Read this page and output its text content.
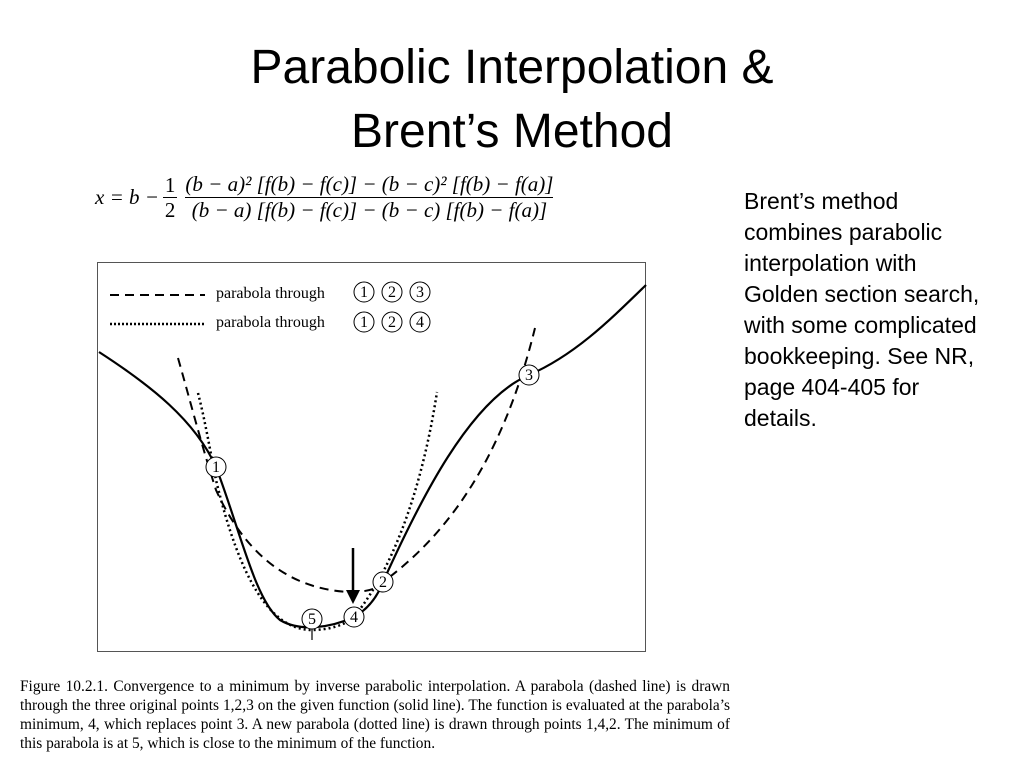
Parabolic Interpolation &
Brent’s Method
$x = b - \frac{1}{2} \frac{\text{(b − a)² [f(b) − f(c)] − (b − c)² [f(b) − f(a)]}}{(b - a) [f(b) - f(c)] - (b - c) [f(b) - f(a)]}$	Brent’s method combines parabolic interpolation with Golden section search, with some complicated bookkeeping. See NR, page 404-405 for details.
parabola through
parabola through
1
2
3
4
5
1 2 3
1 2 4
Figure 10.2.1. Convergence to a minimum by inverse parabolic interpolation. A parabola (dashed line) is drawn through the three original points 1,2,3 on the given function (solid line). The function is evaluated at the parabola’s minimum, 4, which replaces point 3. A new parabola (dotted line) is drawn through points 1,4,2. The minimum of this parabola is at 5, which is close to the minimum of the function.
